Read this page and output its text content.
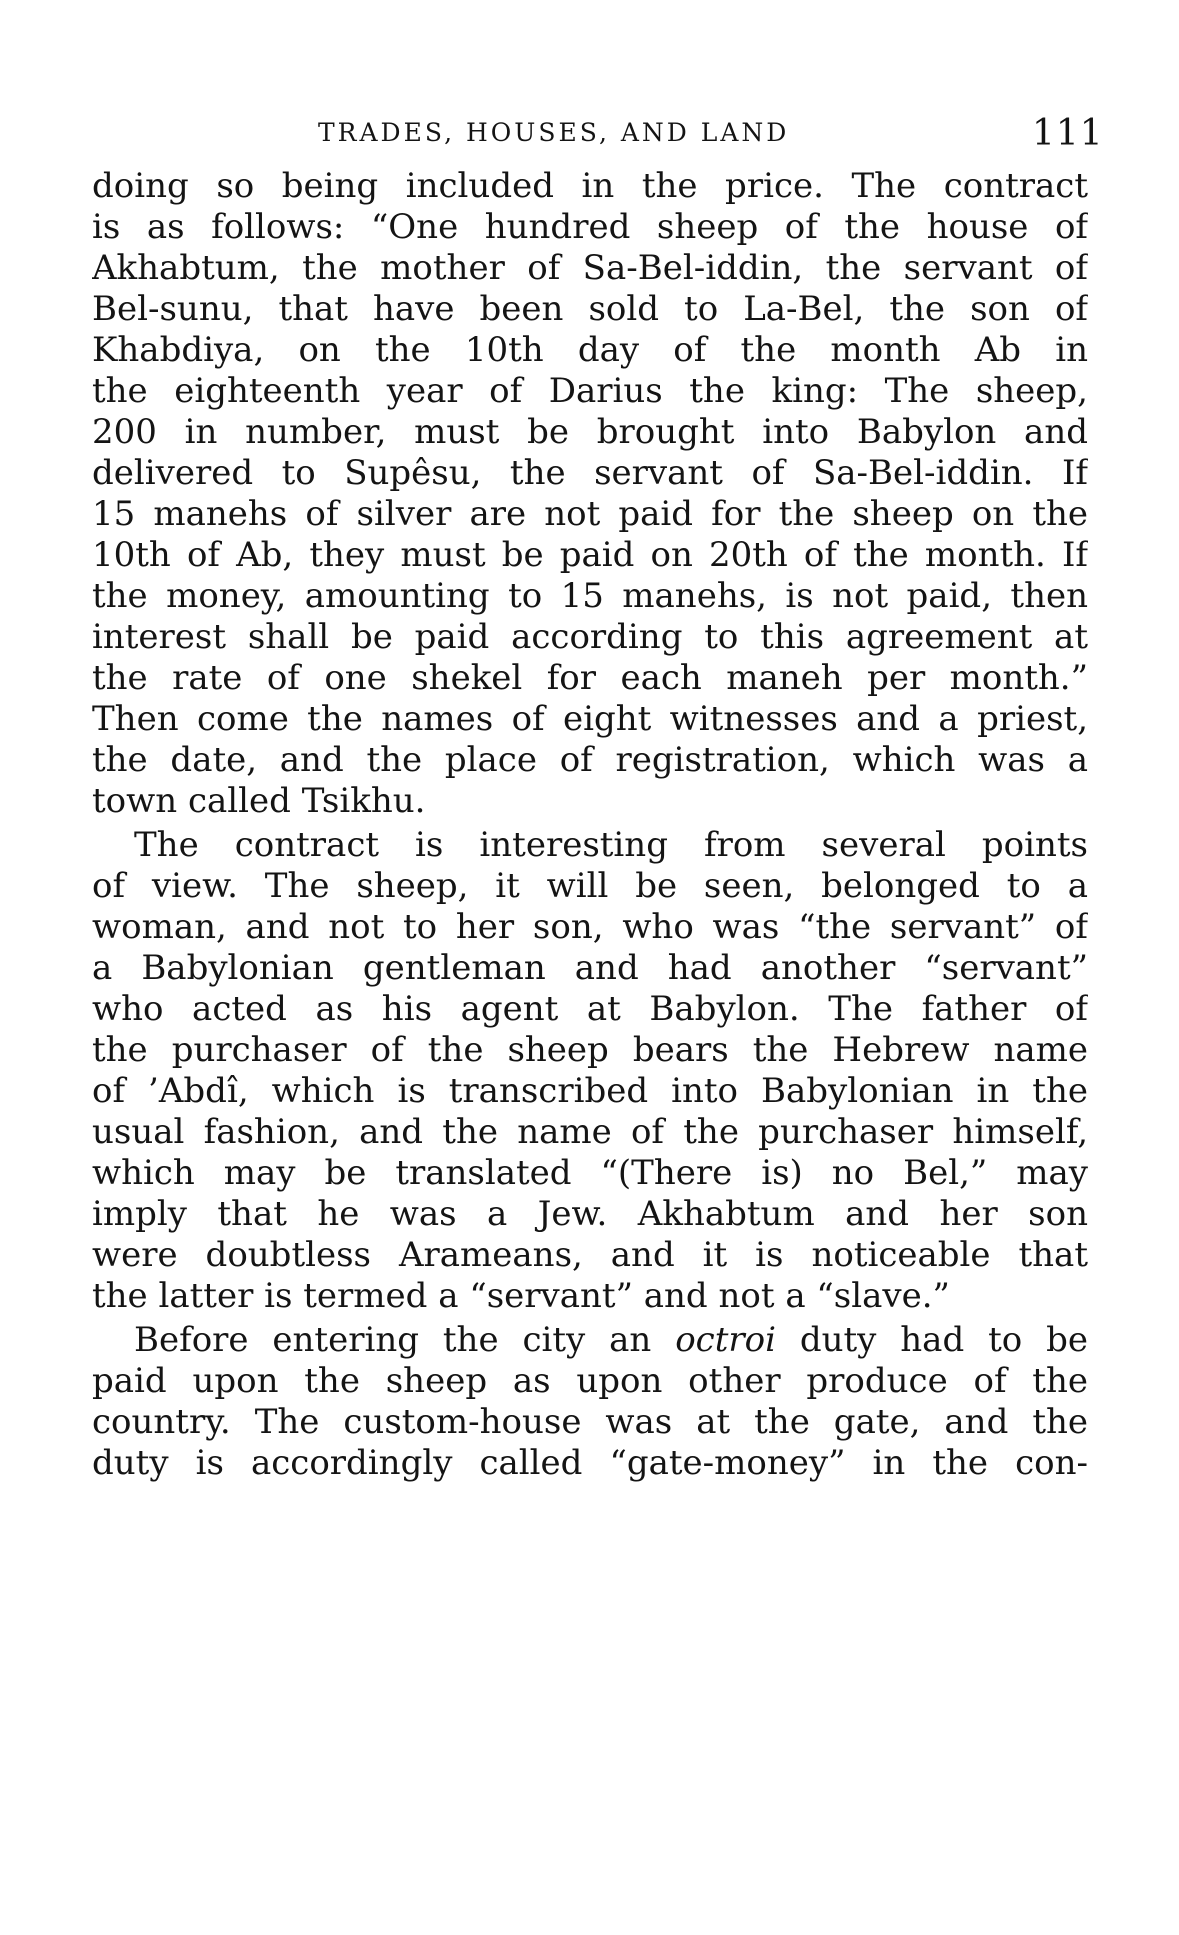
TRADES, HOUSES, AND LAND	111
doing so being included in the price. The contract
is as follows: “One hundred sheep of the house of
Akhabtum, the mother of Sa-Bel-iddin, the servant of
Bel-sunu, that have been sold to La-Bel, the son of
Khabdiya, on the 10th day of the month Ab in
the eighteenth year of Darius the king: The sheep,
200 in number, must be brought into Babylon and
delivered to Supêsu, the servant of Sa-Bel-iddin. If
15 manehs of silver are not paid for the sheep on the
10th of Ab, they must be paid on 20th of the month. If
the money, amounting to 15 manehs, is not paid, then
interest shall be paid according to this agreement at
the rate of one shekel for each maneh per month.”
Then come the names of eight witnesses and a priest,
the date, and the place of registration, which was a
town called Tsikhu.
The contract is interesting from several points
of view. The sheep, it will be seen, belonged to a
woman, and not to her son, who was “the servant” of
a Babylonian gentleman and had another “servant”
who acted as his agent at Babylon. The father of
the purchaser of the sheep bears the Hebrew name
of ’Abdî, which is transcribed into Babylonian in the
usual fashion, and the name of the purchaser himself,
which may be translated “(There is) no Bel,” may
imply that he was a Jew. Akhabtum and her son
were doubtless Arameans, and it is noticeable that
the latter is termed a “servant” and not a “slave.”
Before entering the city an octroi duty had to be
paid upon the sheep as upon other produce of the
country. The custom-house was at the gate, and the
duty is accordingly called “gate-money” in the con-
